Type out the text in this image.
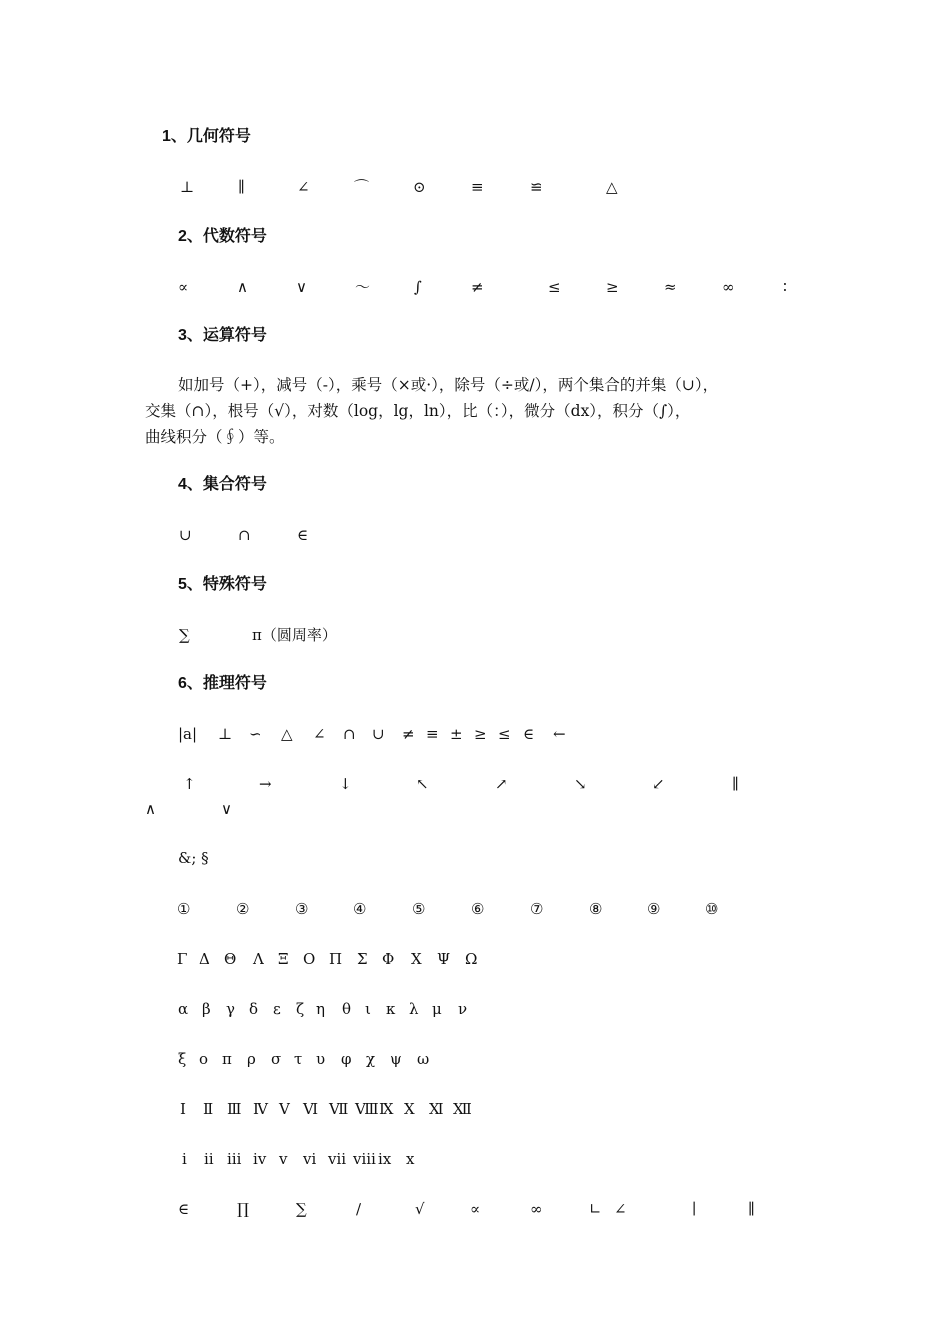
1、几何符号
⊥	∥	∠	⌒	⊙	≡	≌	△
2、代数符号
∝	∧	∨	～	∫	≠	≤	≥	≈	∞	∶
3、运算符号
如加号（+），减号（-），乘号（×或·），除号（÷或/），两个集合的并集（∪），
交集（∩），根号（√），对数（log，lg，ln），比（：），微分（dx），积分（∫），
曲线积分（∮）等。
4、集合符号
∪	∩	∈
5、特殊符号
∑	π（圆周率）
6、推理符号
|a| ⊥ ∽ △ ∠ ∩ ∪ ≠ ≡ ± ≥ ≤ ∈ ←
↑	→	↓	↖	↗	↘	↙	∥
∧	∨
&; §
①	②	③	④	⑤	⑥	⑦	⑧	⑨	⑩
Γ Δ Θ Λ Ξ Ο Π Σ Φ Χ Ψ Ω
α β γ δ ε ζ η θ ι κ λ μ ν
ξ ο π ρ σ τ υ φ χ ψ ω
Ⅰ Ⅱ Ⅲ Ⅳ Ⅴ Ⅵ Ⅶ Ⅷ Ⅸ Ⅹ Ⅺ Ⅻ
ⅰ ⅱ ⅲ ⅳ ⅴ ⅵ ⅶ ⅷ ⅸ ⅹ
∈	∏	∑	∕	√	∝	∞	∟ ∠	∣	∥
